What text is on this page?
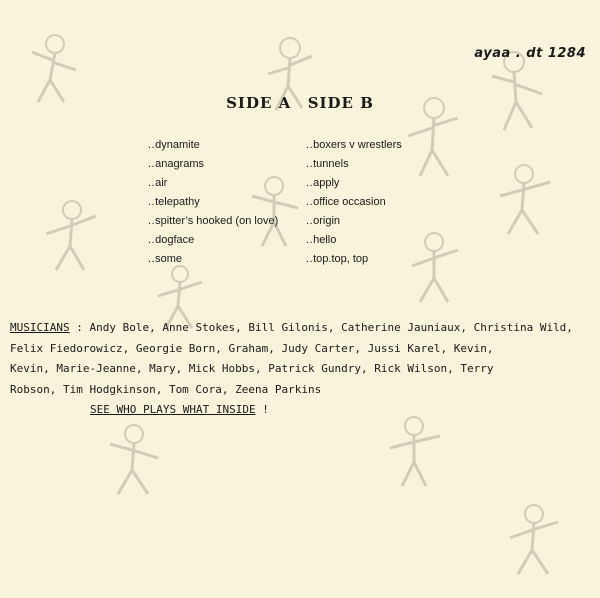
ayaa . dt 1284
SIDE A SIDE B
..dynamite
..anagrams
..air
..telepathy
..spitter’s hooked (on love)
..dogface
..some
..boxers v wrestlers
..tunnels
..apply
..office occasion
..origin
..hello
..top.top, top
MUSICIANS : Andy Bole, Anne Stokes, Bill Gilonis, Catherine Jauniaux, Christina Wild,
Felix Fiedorowicz, Georgie Born, Graham, Judy Carter, Jussi Karel, Kevin,
Kevin, Marie-Jeanne, Mary, Mick Hobbs, Patrick Gundry, Rick Wilson, Terry
Robson, Tim Hodgkinson, Tom Cora, Zeena Parkins
SEE WHO PLAYS WHAT INSIDE !
